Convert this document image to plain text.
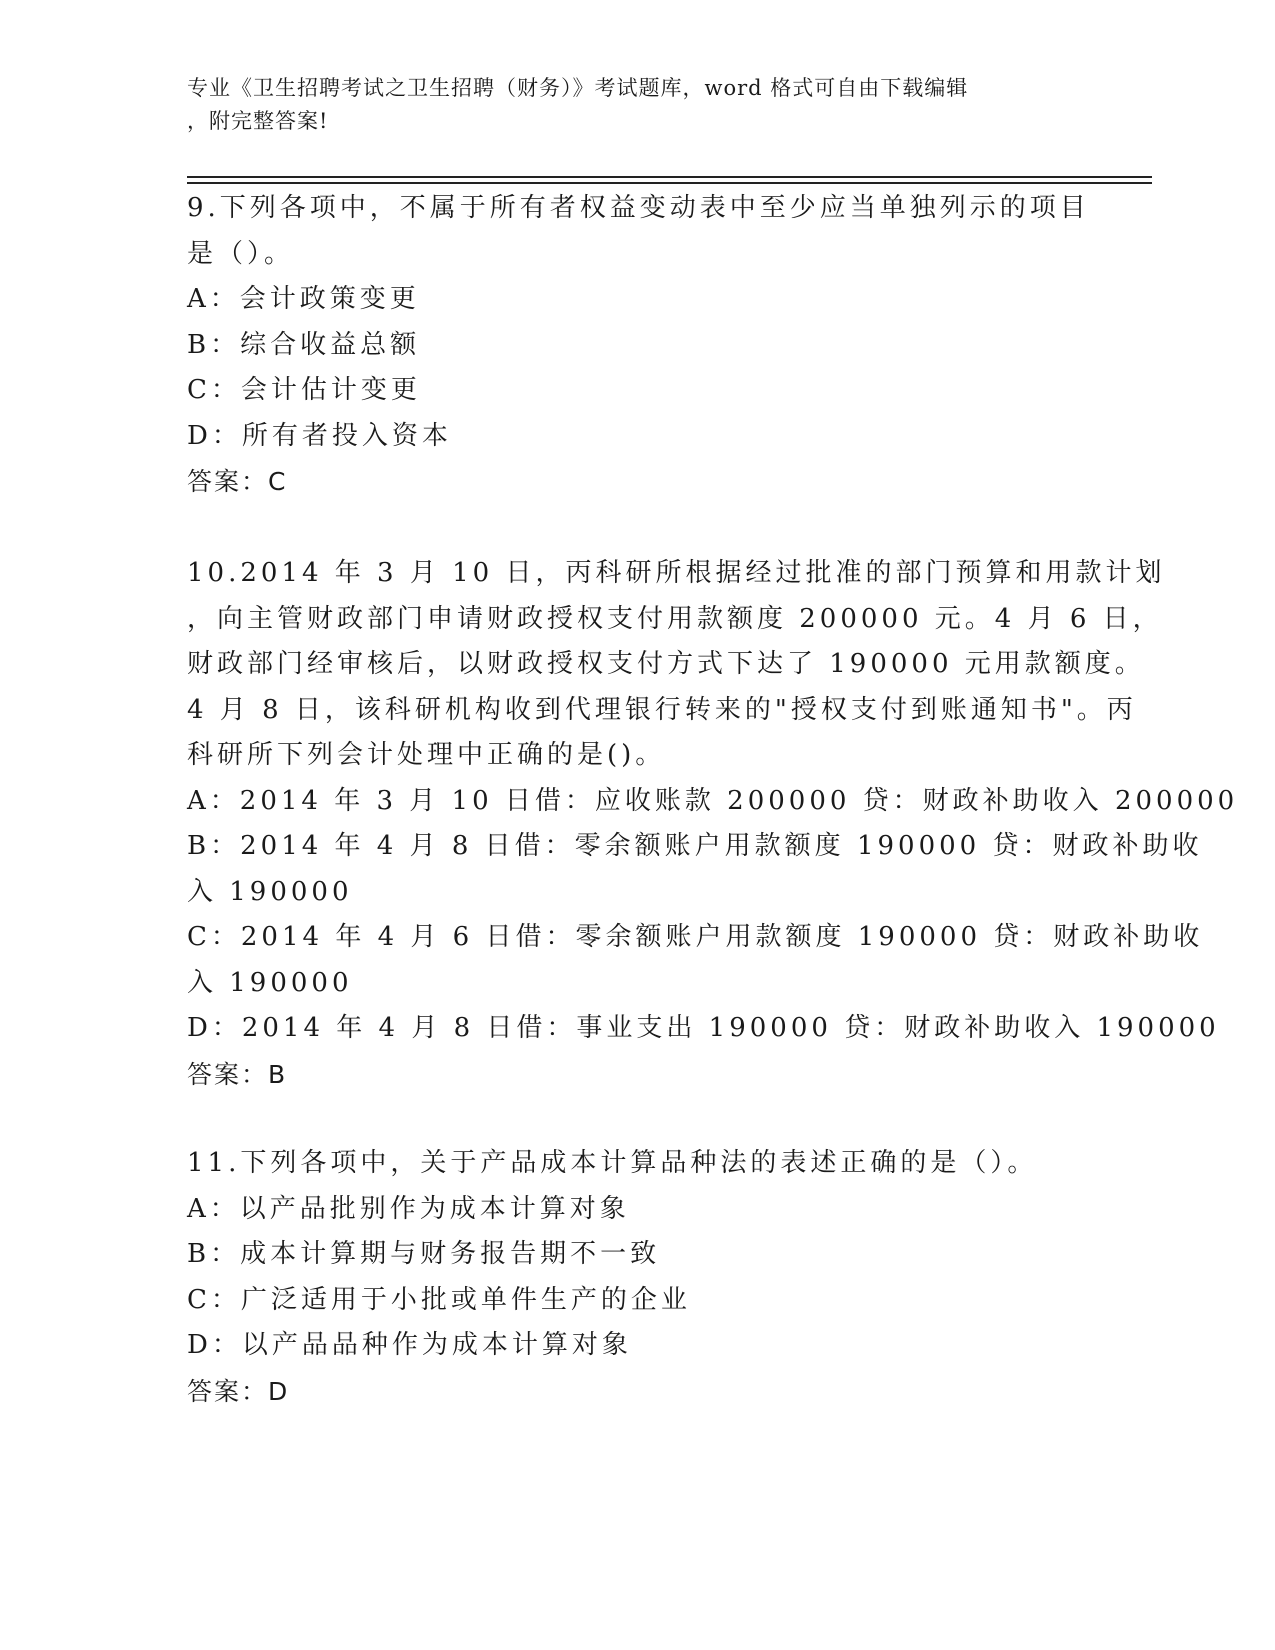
专业《卫生招聘考试之卫生招聘（财务）》考试题库，word 格式可自由下载编辑
，附完整答案!
9.下列各项中，不属于所有者权益变动表中至少应当单独列示的项目
是（）。
A：会计政策变更
B：综合收益总额
C：会计估计变更
D：所有者投入资本
答案：C
10.2014 年 3 月 10 日，丙科研所根据经过批准的部门预算和用款计划
，向主管财政部门申请财政授权支付用款额度 200000 元。4 月 6 日，
财政部门经审核后，以财政授权支付方式下达了 190000 元用款额度。
4 月 8 日，该科研机构收到代理银行转来的"授权支付到账通知书"。丙
科研所下列会计处理中正确的是()。
A：2014 年 3 月 10 日借：应收账款 200000 贷：财政补助收入 200000
B：2014 年 4 月 8 日借：零余额账户用款额度 190000 贷：财政补助收
入 190000
C：2014 年 4 月 6 日借：零余额账户用款额度 190000 贷：财政补助收
入 190000
D：2014 年 4 月 8 日借：事业支出 190000 贷：财政补助收入 190000
答案：B
11.下列各项中，关于产品成本计算品种法的表述正确的是（）。
A：以产品批别作为成本计算对象
B：成本计算期与财务报告期不一致
C：广泛适用于小批或单件生产的企业
D：以产品品种作为成本计算对象
答案：D
